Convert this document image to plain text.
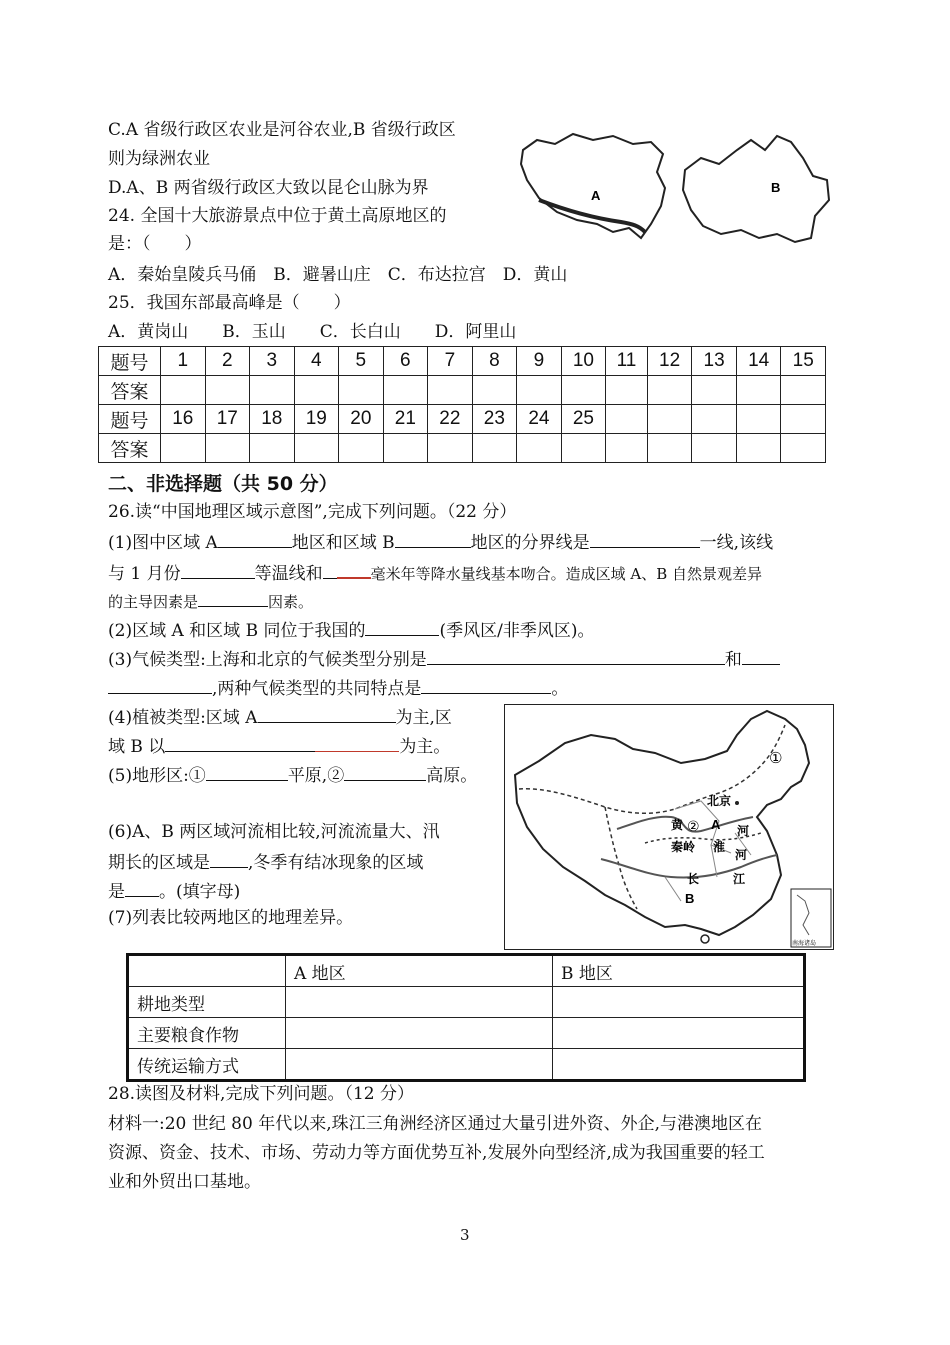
C.A 省级行政区农业是河谷农业,B 省级行政区
则为绿洲农业
D.A、B 两省级行政区大致以昆仑山脉为界
24. 全国十大旅游景点中位于黄土高原地区的
是：（　　）
A．秦始皇陵兵马俑　B．避暑山庄　C．布达拉宫　D．黄山
25．我国东部最高峰是（　　）
A．黄岗山　　B．玉山　　C．长白山　　D．阿里山
A
B
题号	1	2	3	4	5	6	7	8	9	10	11	12	13	14	15
答案															
题号	16	17	18	19	20	21	22	23	24	25					
答案															
二、非选择题（共 50 分）
26.读“中国地理区域示意图”,完成下列问题。（22 分）
(1)图中区域 A	地区和区域 B	地区的分界线是	一线,该线
与 1 月份	等温线和	毫米年等降水量线基本吻合。造成区域 A、B 自然景观差异
的主导因素是	因素。
(2)区域 A 和区域 B 同位于我国的	(季风区/非季风区)。
(3)气候类型:上海和北京的气候类型分别是	和
,两种气候类型的共同特点是	。
(4)植被类型:区域 A	为主,区
域 B 以	为主。
(5)地形区:①	平原,②	高原。
(6)A、B 两区域河流相比较,河流流量大、汛
期长的区域是 ,冬季有结冰现象的区域
是 。(填字母)
(7)列表比较两地区的地理差异。
北京
①
②
黄	河
A
秦岭 淮
河
长	江
B
南海诸岛
	A 地区	B 地区
耕地类型		
主要粮食作物		
传统运输方式		
28.读图及材料,完成下列问题。（12 分）
材料一:20 世纪 80 年代以来,珠江三角洲经济区通过大量引进外资、外企,与港澳地区在
资源、资金、技术、市场、劳动力等方面优势互补,发展外向型经济,成为我国重要的轻工
业和外贸出口基地。
3
